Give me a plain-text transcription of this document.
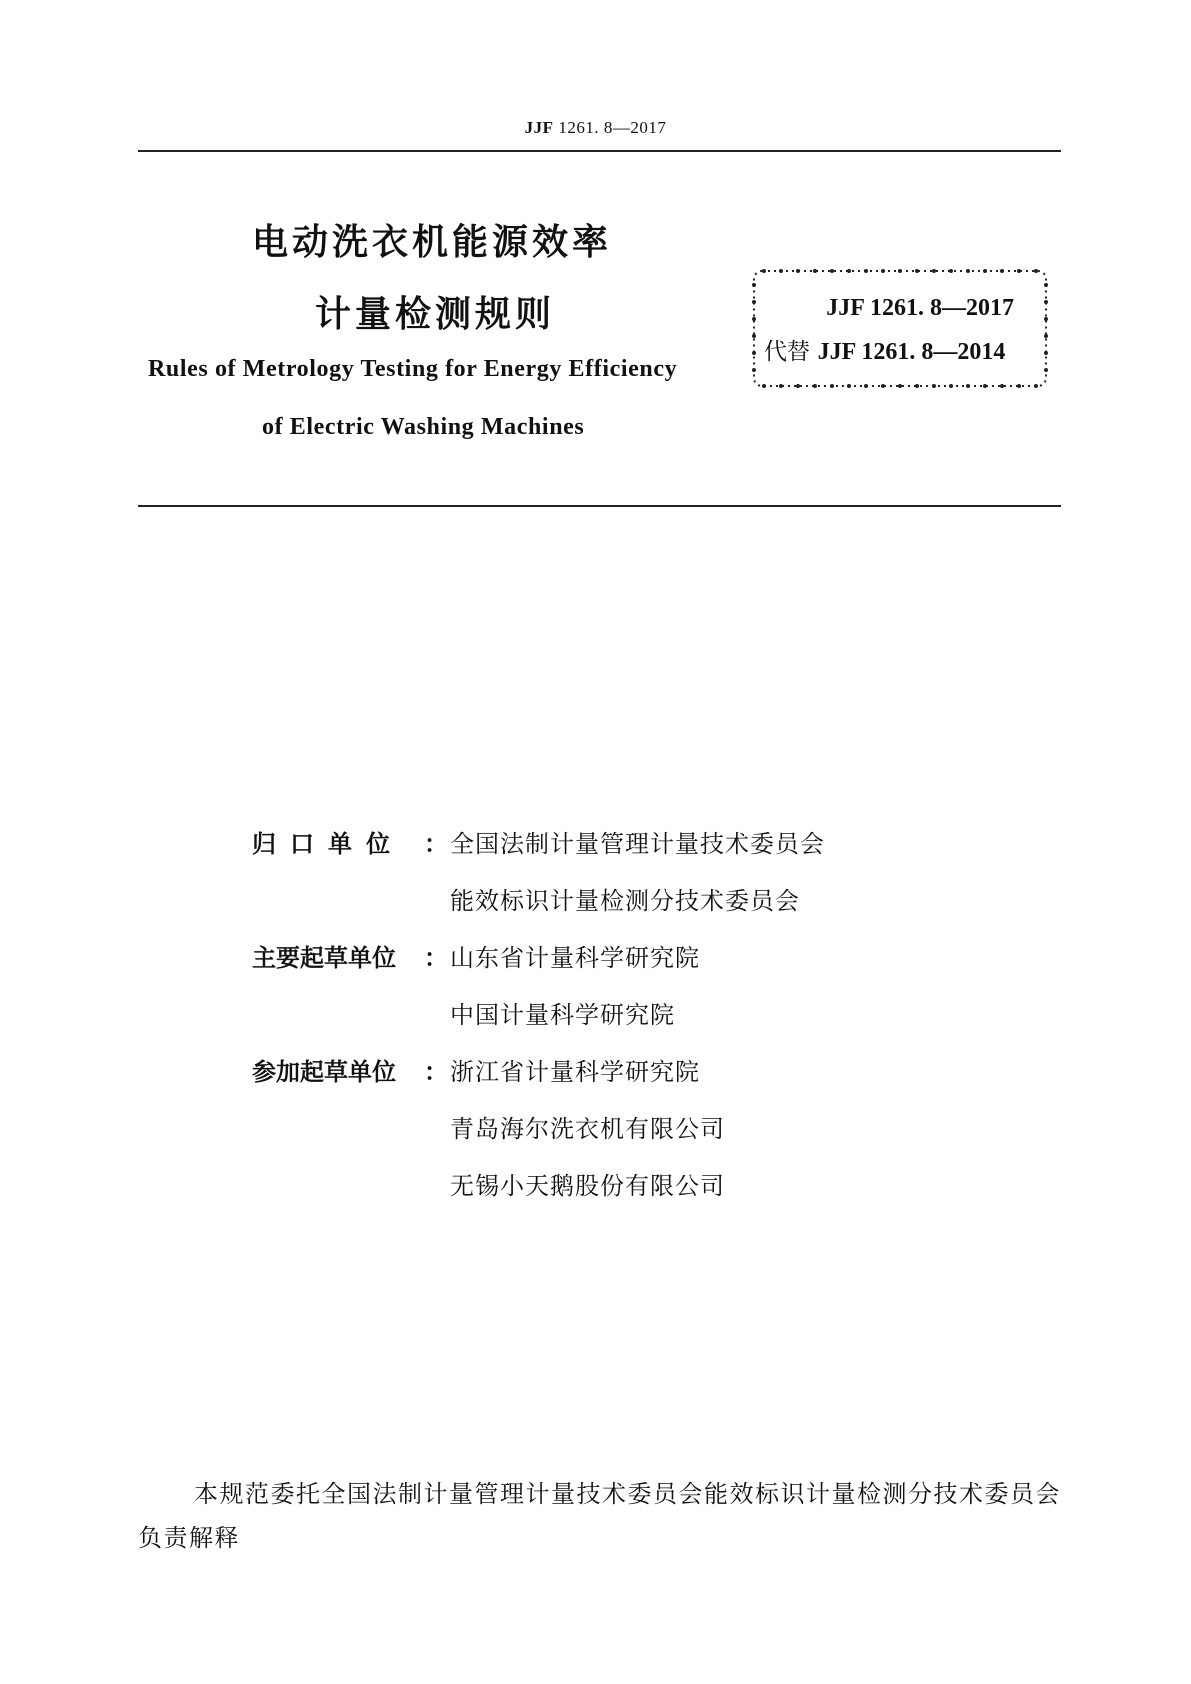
JJF 1261. 8—2017
电动洗衣机能源效率
计量检测规则
Rules of Metrology Testing for Energy Efficiency
of Electric Washing Machines
JJF 1261. 8—2017
代替 JJF 1261. 8—2014
归口单位 ： 全国法制计量管理计量技术委员会
能效标识计量检测分技术委员会
主要起草单位	： 山东省计量科学研究院
中国计量科学研究院
参加起草单位	： 浙江省计量科学研究院
青岛海尔洗衣机有限公司
无锡小天鹅股份有限公司
本规范委托全国法制计量管理计量技术委员会能效标识计量检测分技术委员会负责解释
